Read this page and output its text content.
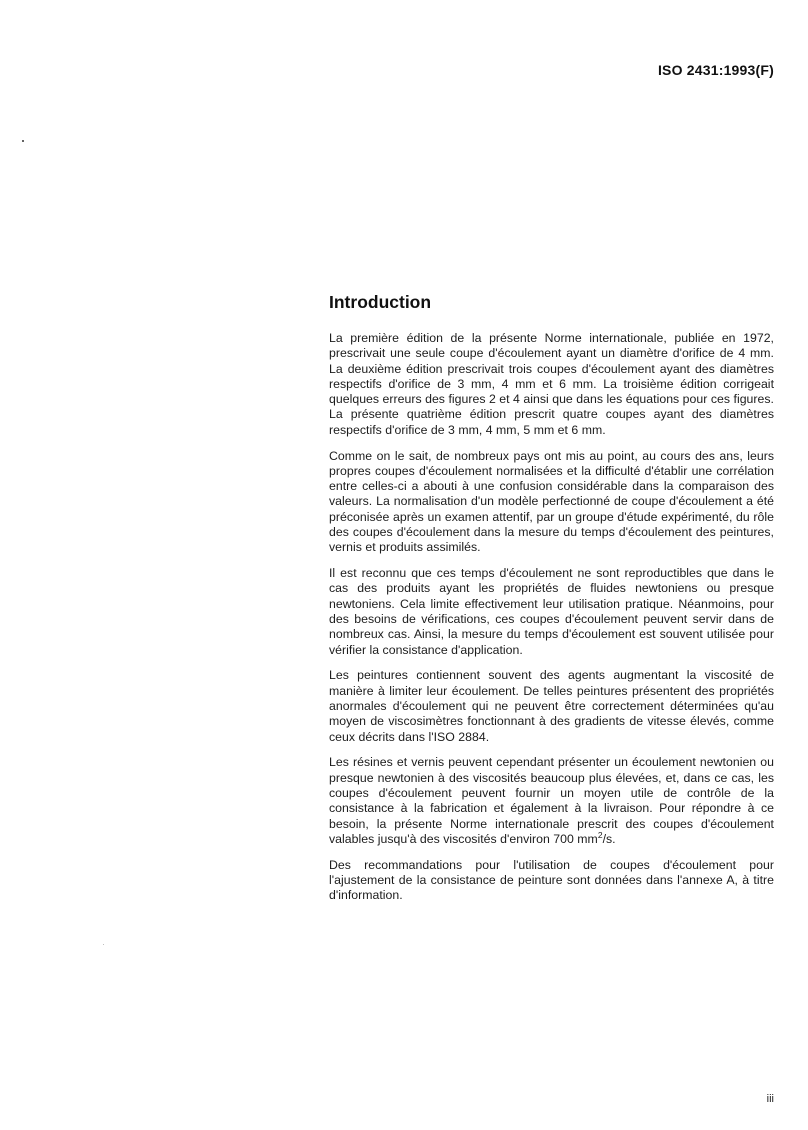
ISO 2431:1993(F)
Introduction

La première édition de la présente Norme internationale, publiée en 1972, prescrivait une seule coupe d'écoulement ayant un diamètre d'orifice de 4 mm. La deuxième édition prescrivait trois coupes d'écoulement ayant des diamètres respectifs d'orifice de 3 mm, 4 mm et 6 mm. La troisième édition corrigeait quelques erreurs des figures 2 et 4 ainsi que dans les équations pour ces figures. La présente quatrième édition prescrit quatre coupes ayant des diamètres respectifs d'orifice de 3 mm, 4 mm, 5 mm et 6 mm.

Comme on le sait, de nombreux pays ont mis au point, au cours des ans, leurs propres coupes d'écoulement normalisées et la difficulté d'établir une corrélation entre celles-ci a abouti à une confusion considérable dans la comparaison des valeurs. La normalisation d'un modèle perfectionné de coupe d'écoulement a été préconisée après un examen attentif, par un groupe d'étude expérimenté, du rôle des coupes d'écoulement dans la mesure du temps d'écoulement des peintures, vernis et produits assimilés.

Il est reconnu que ces temps d'écoulement ne sont reproductibles que dans le cas des produits ayant les propriétés de fluides newtoniens ou presque newtoniens. Cela limite effectivement leur utilisation pratique. Néanmoins, pour des besoins de vérifications, ces coupes d'écoulement peuvent servir dans de nombreux cas. Ainsi, la mesure du temps d'écoulement est souvent utilisée pour vérifier la consistance d'application.

Les peintures contiennent souvent des agents augmentant la viscosité de manière à limiter leur écoulement. De telles peintures présentent des propriétés anormales d'écoulement qui ne peuvent être correctement déterminées qu'au moyen de viscosimètres fonctionnant à des gradients de vitesse élevés, comme ceux décrits dans l'ISO 2884.

Les résines et vernis peuvent cependant présenter un écoulement newtonien ou presque newtonien à des viscosités beaucoup plus élevées, et, dans ce cas, les coupes d'écoulement peuvent fournir un moyen utile de contrôle de la consistance à la fabrication et également à la livraison. Pour répondre à ce besoin, la présente Norme internationale prescrit des coupes d'écoulement valables jusqu'à des viscosités d'environ 700 $mm^2/s$.

Des recommandations pour l'utilisation de coupes d'écoulement pour l'ajustement de la consistance de peinture sont données dans l'annexe A, à titre d'information.

iii
